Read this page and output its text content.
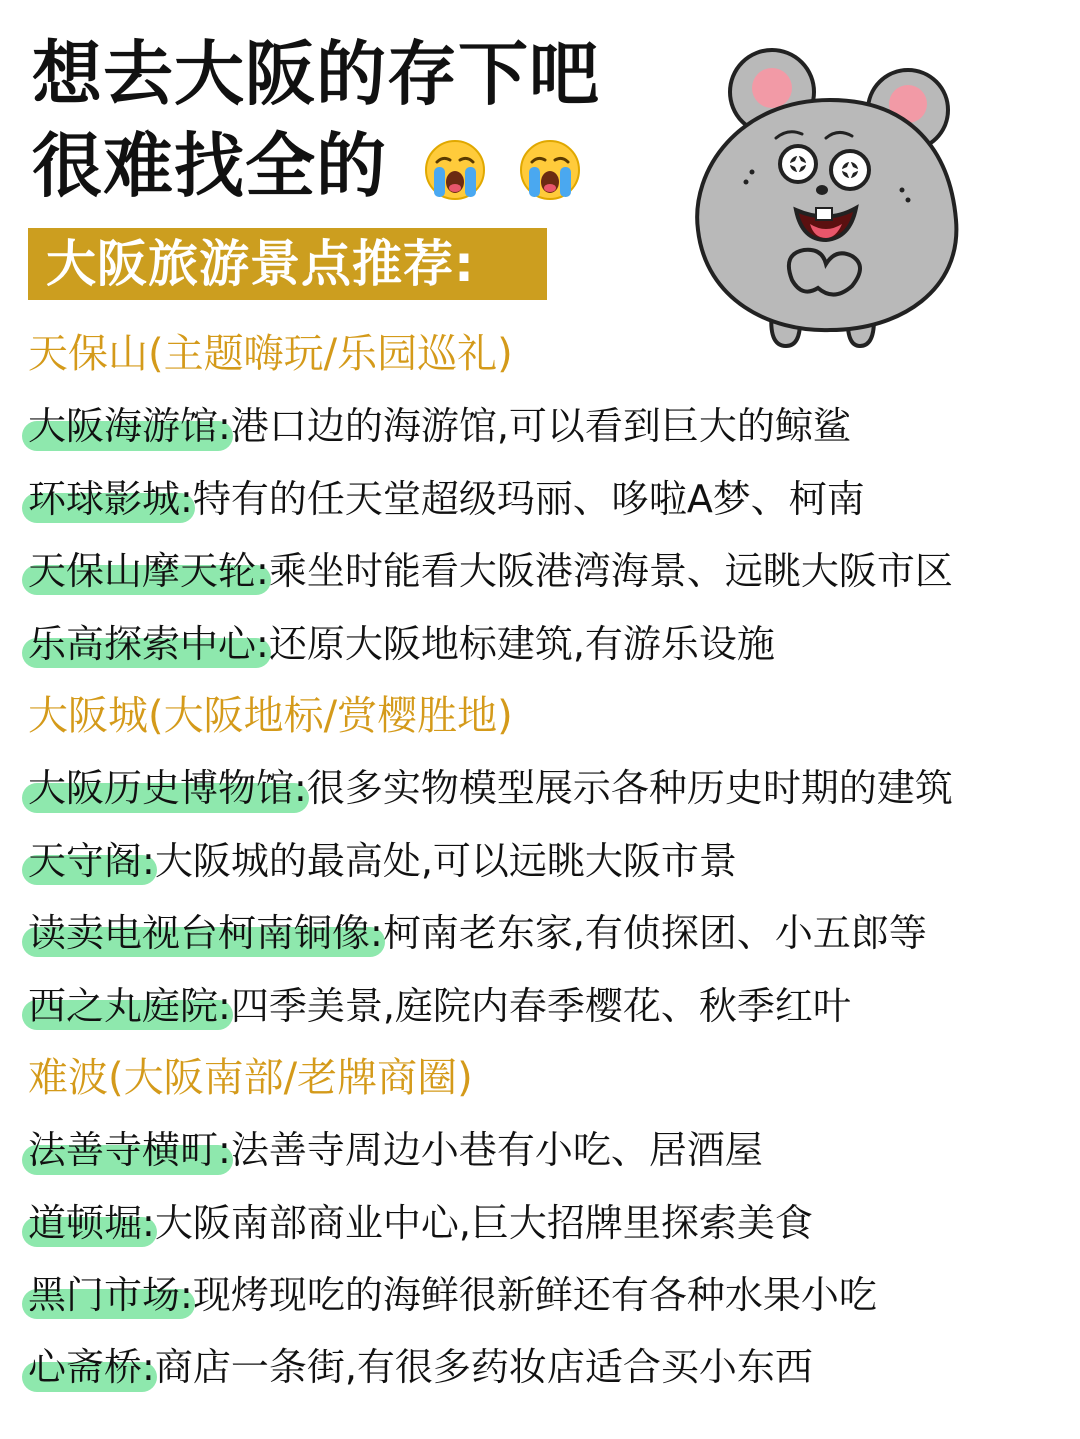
想去大阪的存下吧
很难找全的
大阪旅游景点推荐:
天保山(主题嗨玩/乐园巡礼)
大阪海游馆:港口边的海游馆,可以看到巨大的鲸鲨
环球影城:特有的任天堂超级玛丽、哆啦A梦、柯南
天保山摩天轮:乘坐时能看大阪港湾海景、远眺大阪市区
乐高探索中心:还原大阪地标建筑,有游乐设施
大阪城(大阪地标/赏樱胜地)
大阪历史博物馆:很多实物模型展示各种历史时期的建筑
天守阁:大阪城的最高处,可以远眺大阪市景
读卖电视台柯南铜像:柯南老东家,有侦探团、小五郎等
西之丸庭院:四季美景,庭院内春季樱花、秋季红叶
难波(大阪南部/老牌商圈)
法善寺横町:法善寺周边小巷有小吃、居酒屋
道顿堀:大阪南部商业中心,巨大招牌里探索美食
黑门市场:现烤现吃的海鲜很新鲜还有各种水果小吃
心斋桥:商店一条街,有很多药妆店适合买小东西
